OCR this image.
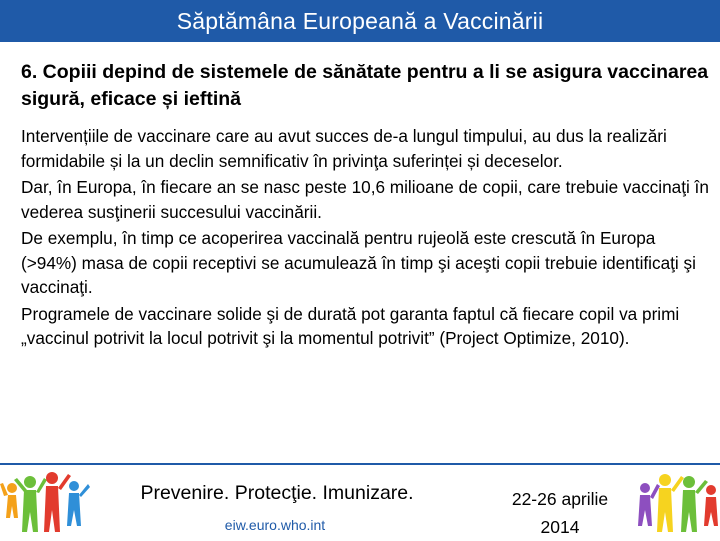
Săptămâna Europeană a Vaccinării
6. Copiii depind de sistemele de sănătate pentru a li se asigura vaccinarea sigură, eficace și ieftină

Intervențiile de vaccinare care au avut succes de-a lungul timpului, au dus la realizări formidabile și la un declin semnificativ în privinţa suferinței și deceselor.

Dar, în Europa, în fiecare an se nasc peste 10,6 milioane de copii, care trebuie vaccinaţi în vederea susţinerii succesului vaccinării.

De exemplu, în timp ce acoperirea vaccinală pentru rujeolă este crescută în Europa (>94%) masa de copii receptivi se acumulează în timp şi aceşti copii trebuie identificaţi şi vaccinaţi.

Programele de vaccinare solide şi de durată pot garanta faptul că fiecare copil va primi „vaccinul potrivit la locul potrivit şi la momentul potrivit” (Project Optimize, 2010).

Prevenire. Protecţie. Imunizare.
eiw.euro.who.int
22-26 aprilie
2014
